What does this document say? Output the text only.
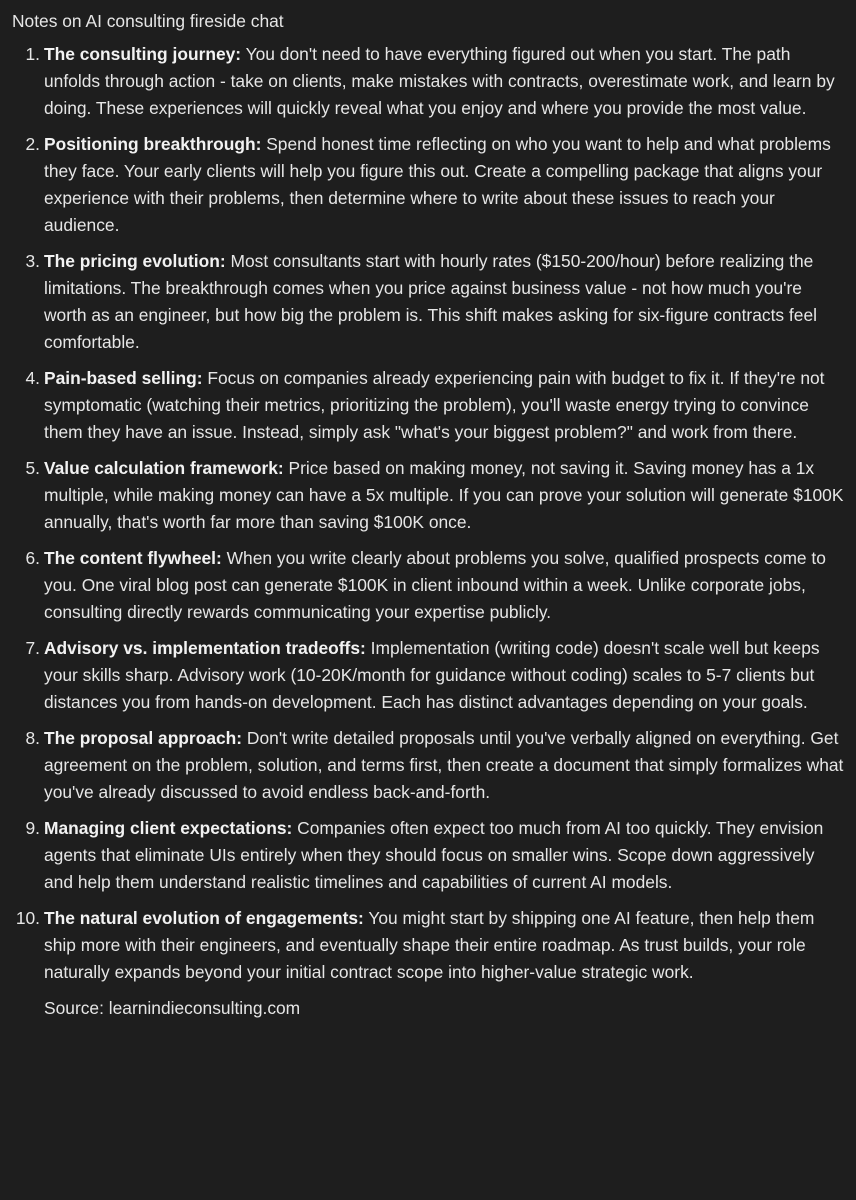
Notes on AI consulting fireside chat
1. The consulting journey: You don't need to have everything figured out when you start. The path unfolds through action - take on clients, make mistakes with contracts, overestimate work, and learn by doing. These experiences will quickly reveal what you enjoy and where you provide the most value.
2. Positioning breakthrough: Spend honest time reflecting on who you want to help and what problems they face. Your early clients will help you figure this out. Create a compelling package that aligns your experience with their problems, then determine where to write about these issues to reach your audience.
3. The pricing evolution: Most consultants start with hourly rates ($150-200/hour) before realizing the limitations. The breakthrough comes when you price against business value - not how much you're worth as an engineer, but how big the problem is. This shift makes asking for six-figure contracts feel comfortable.
4. Pain-based selling: Focus on companies already experiencing pain with budget to fix it. If they're not symptomatic (watching their metrics, prioritizing the problem), you'll waste energy trying to convince them they have an issue. Instead, simply ask "what's your biggest problem?" and work from there.
5. Value calculation framework: Price based on making money, not saving it. Saving money has a 1x multiple, while making money can have a 5x multiple. If you can prove your solution will generate $100K annually, that's worth far more than saving $100K once.
6. The content flywheel: When you write clearly about problems you solve, qualified prospects come to you. One viral blog post can generate $100K in client inbound within a week. Unlike corporate jobs, consulting directly rewards communicating your expertise publicly.
7. Advisory vs. implementation tradeoffs: Implementation (writing code) doesn't scale well but keeps your skills sharp. Advisory work (10-20K/month for guidance without coding) scales to 5-7 clients but distances you from hands-on development. Each has distinct advantages depending on your goals.
8. The proposal approach: Don't write detailed proposals until you've verbally aligned on everything. Get agreement on the problem, solution, and terms first, then create a document that simply formalizes what you've already discussed to avoid endless back-and-forth.
9. Managing client expectations: Companies often expect too much from AI too quickly. They envision agents that eliminate UIs entirely when they should focus on smaller wins. Scope down aggressively and help them understand realistic timelines and capabilities of current AI models.
10. The natural evolution of engagements: You might start by shipping one AI feature, then help them ship more with their engineers, and eventually shape their entire roadmap. As trust builds, your role naturally expands beyond your initial contract scope into higher-value strategic work.
Source: learnindieconsulting.com
